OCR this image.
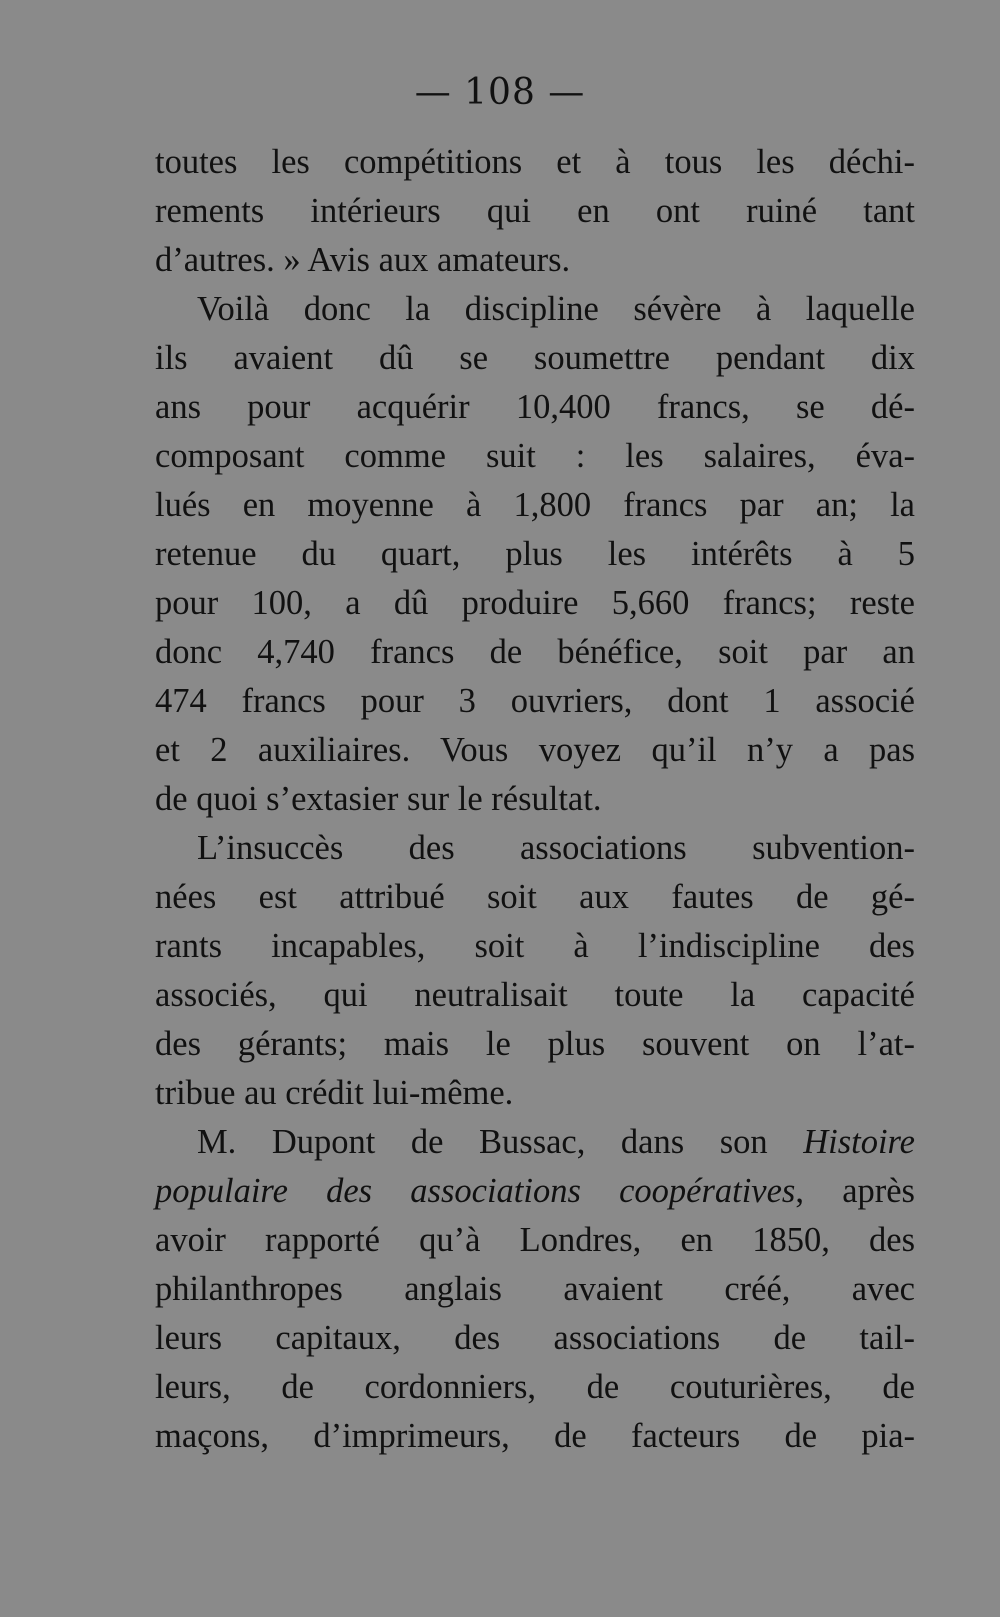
— 108 —
toutes les compétitions et à tous les déchi-
rements intérieurs qui en ont ruiné tant
d’autres. » Avis aux amateurs.
Voilà donc la discipline sévère à laquelle
ils avaient dû se soumettre pendant dix
ans pour acquérir 10,400 francs, se dé-
composant comme suit : les salaires, éva-
lués en moyenne à 1,800 francs par an; la
retenue du quart, plus les intérêts à 5
pour 100, a dû produire 5,660 francs; reste
donc 4,740 francs de bénéfice, soit par an
474 francs pour 3 ouvriers, dont 1 associé
et 2 auxiliaires. Vous voyez qu’il n’y a pas
de quoi s’extasier sur le résultat.
L’insuccès des associations subvention-
nées est attribué soit aux fautes de gé-
rants incapables, soit à l’indiscipline des
associés, qui neutralisait toute la capacité
des gérants; mais le plus souvent on l’at-
tribue au crédit lui-même.
M. Dupont de Bussac, dans son Histoire
populaire des associations coopératives, après
avoir rapporté qu’à Londres, en 1850, des
philanthropes anglais avaient créé, avec
leurs capitaux, des associations de tail-
leurs, de cordonniers, de couturières, de
maçons, d’imprimeurs, de facteurs de pia-
